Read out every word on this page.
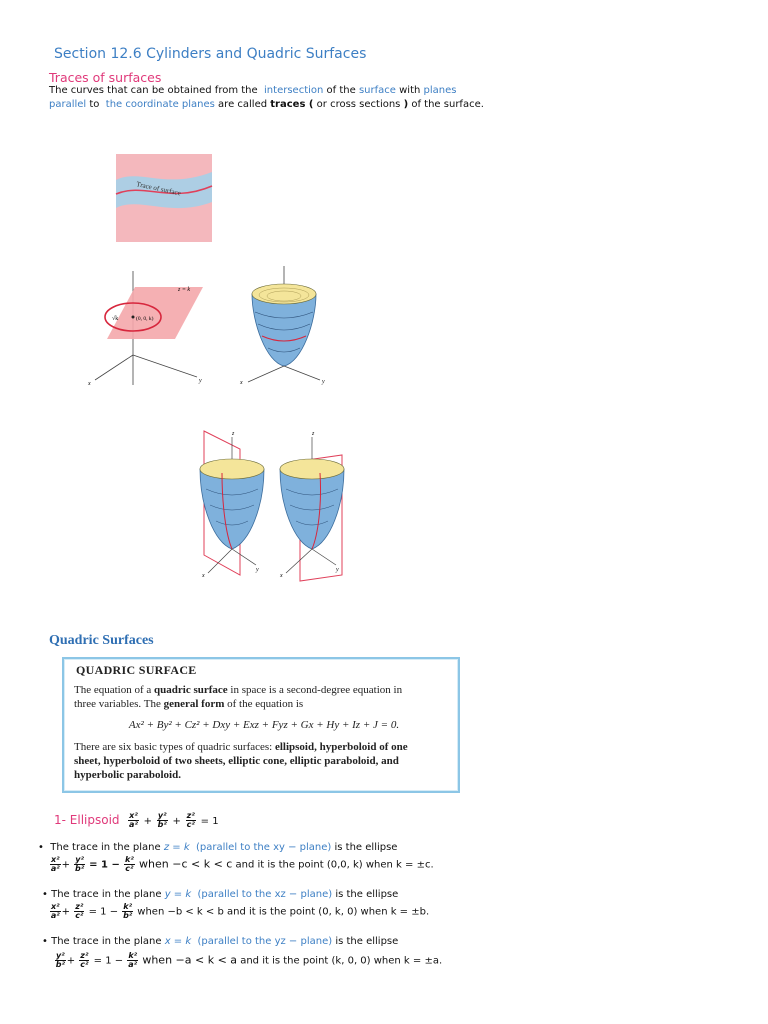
Section 12.6 Cylinders and Quadric Surfaces
Traces of surfaces
The curves that can be obtained from the intersection of the surface with planes
parallel to the coordinate planes are called traces ( or cross sections ) of the surface.
Trace of surface
z = k
√k	(0, 0, k)
x	y	x	y
z
x
y
z
x
y
Quadric Surfaces
QUADRIC SURFACE
The equation of a quadric surface in space is a second-degree equation in
three variables. The general form of the equation is
Ax² + By² + Cz² + Dxy + Exz + Fyz + Gx + Hy + Iz + J = 0.
There are six basic types of quadric surfaces: ellipsoid, hyperboloid of one
sheet, hyperboloid of two sheets, elliptic cone, elliptic paraboloid, and
hyperbolic paraboloid.
1- Ellipsoid $\frac{\text{x²}}{\text{a²}} + \frac{\text{y²}}{\text{b²}} + \frac{\text{z²}}{\text{c²}} = 1$
• The trace in the plane z = k (parallel to the xy − plane) is the ellipse
$\frac{\text{x²}}{\text{a²}} + \frac{\text{y²}}{\text{b²}} = 1 - \frac{\text{k²}}{\text{c²}}$ when −c < k < c and it is the point (0,0, k) when k = ±c.
• The trace in the plane y = k (parallel to the xz − plane) is the ellipse
$\frac{\text{x²}}{\text{a²}} + \frac{\text{z²}}{\text{c²}} = 1 - \frac{\text{k²}}{\text{b²}}$ when −b < k < b and it is the point (0, k, 0) when k = ±b.
• The trace in the plane x = k (parallel to the yz − plane) is the ellipse
$\frac{\text{y²}}{\text{b²}} + \frac{\text{z²}}{\text{c²}} = 1 - \frac{\text{k²}}{\text{a²}}$ when −a < k < a and it is the point (k, 0, 0) when k = ±a.
